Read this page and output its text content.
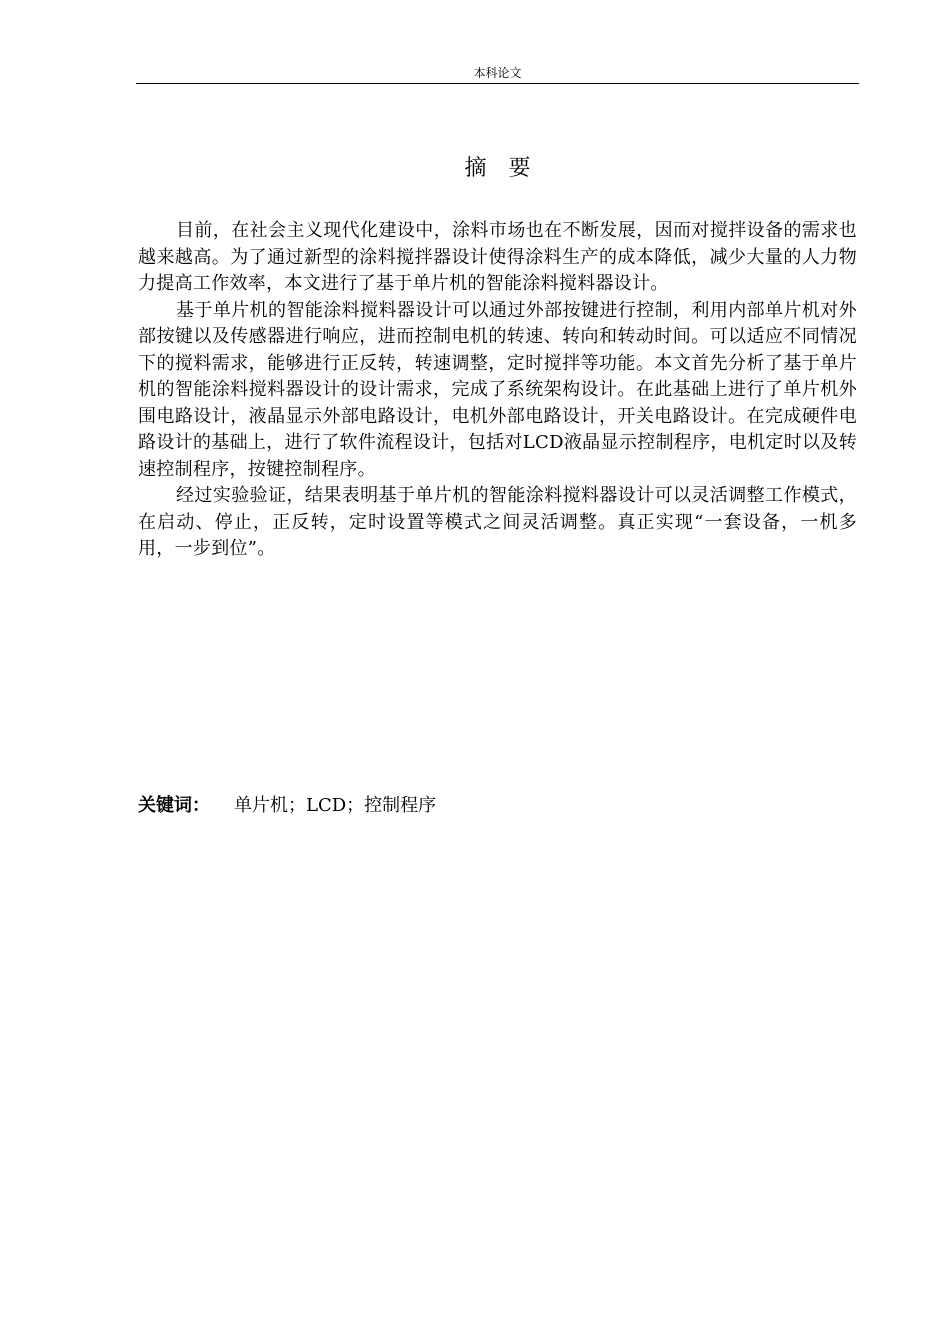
本科论文
摘要

目前，在社会主义现代化建设中，涂料市场也在不断发展，因而对搅拌设备的需求也越来越高。为了通过新型的涂料搅拌器设计使得涂料生产的成本降低，减少大量的人力物力提高工作效率，本文进行了基于单片机的智能涂料搅料器设计。

基于单片机的智能涂料搅料器设计可以通过外部按键进行控制，利用内部单片机对外部按键以及传感器进行响应，进而控制电机的转速、转向和转动时间。可以适应不同情况下的搅料需求，能够进行正反转，转速调整，定时搅拌等功能。本文首先分析了基于单片机的智能涂料搅料器设计的设计需求，完成了系统架构设计。在此基础上进行了单片机外围电路设计，液晶显示外部电路设计，电机外部电路设计，开关电路设计。在完成硬件电路设计的基础上，进行了软件流程设计，包括对LCD液晶显示控制程序，电机定时以及转速控制程序，按键控制程序。

经过实验验证，结果表明基于单片机的智能涂料搅料器设计可以灵活调整工作模式，在启动、停止，正反转，定时设置等模式之间灵活调整。真正实现“一套设备，一机多用，一步到位”。

关键词： 单片机；LCD；控制程序
